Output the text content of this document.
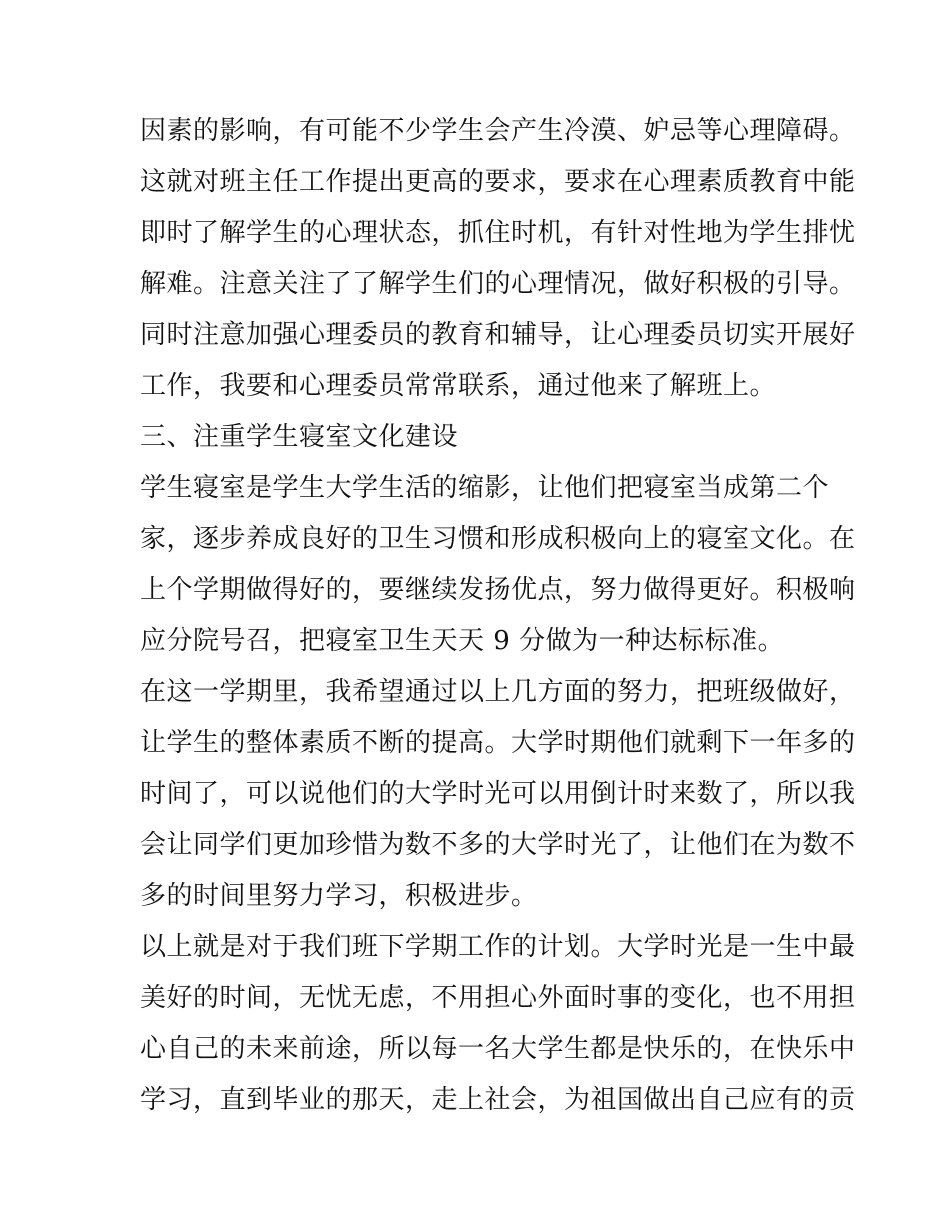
因素的影响，有可能不少学生会产生冷漠、妒忌等心理障碍。
这就对班主任工作提出更高的要求，要求在心理素质教育中能
即时了解学生的心理状态，抓住时机，有针对性地为学生排忧
解难。注意关注了了解学生们的心理情况，做好积极的引导。
同时注意加强心理委员的教育和辅导，让心理委员切实开展好
工作，我要和心理委员常常联系，通过他来了解班上。
三、注重学生寝室文化建设
学生寝室是学生大学生活的缩影，让他们把寝室当成第二个
家，逐步养成良好的卫生习惯和形成积极向上的寝室文化。在
上个学期做得好的，要继续发扬优点，努力做得更好。积极响
应分院号召，把寝室卫生天天 9 分做为一种达标标准。
在这一学期里，我希望通过以上几方面的努力，把班级做好，
让学生的整体素质不断的提高。大学时期他们就剩下一年多的
时间了，可以说他们的大学时光可以用倒计时来数了，所以我
会让同学们更加珍惜为数不多的大学时光了，让他们在为数不
多的时间里努力学习，积极进步。
以上就是对于我们班下学期工作的计划。大学时光是一生中最
美好的时间，无忧无虑，不用担心外面时事的变化，也不用担
心自己的未来前途，所以每一名大学生都是快乐的，在快乐中
学习，直到毕业的那天，走上社会，为祖国做出自己应有的贡
